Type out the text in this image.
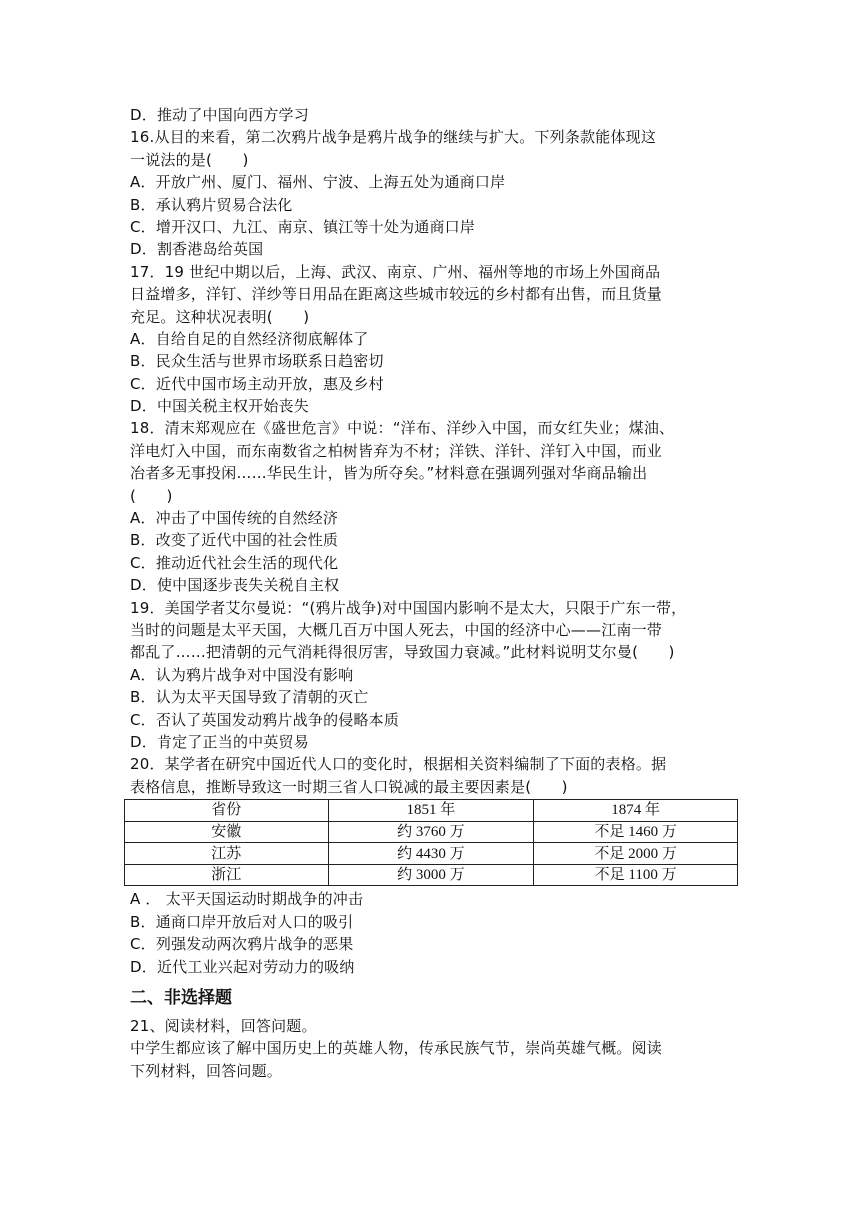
D．推动了中国向西方学习
16.从目的来看，第二次鸦片战争是鸦片战争的继续与扩大。下列条款能体现这
一说法的是(　　)
A．开放广州、厦门、福州、宁波、上海五处为通商口岸
B．承认鸦片贸易合法化
C．增开汉口、九江、南京、镇江等十处为通商口岸
D．割香港岛给英国
17．19 世纪中期以后，上海、武汉、南京、广州、福州等地的市场上外国商品
日益增多，洋钉、洋纱等日用品在距离这些城市较远的乡村都有出售，而且货量
充足。这种状况表明(　　)
A．自给自足的自然经济彻底解体了
B．民众生活与世界市场联系日趋密切
C．近代中国市场主动开放，惠及乡村
D．中国关税主权开始丧失
18．清末郑观应在《盛世危言》中说：“洋布、洋纱入中国，而女红失业；煤油、
洋电灯入中国，而东南数省之柏树皆弃为不材；洋铁、洋针、洋钉入中国，而业
冶者多无事投闲……华民生计，皆为所夺矣。”材料意在强调列强对华商品输出
(　　)
A．冲击了中国传统的自然经济
B．改变了近代中国的社会性质
C．推动近代社会生活的现代化
D．使中国逐步丧失关税自主权
19．美国学者艾尔曼说：“(鸦片战争)对中国国内影响不是太大，只限于广东一带，
当时的问题是太平天国，大概几百万中国人死去，中国的经济中心——江南一带
都乱了……把清朝的元气消耗得很厉害，导致国力衰减。”此材料说明艾尔曼(　　)
A．认为鸦片战争对中国没有影响
B．认为太平天国导致了清朝的灭亡
C．否认了英国发动鸦片战争的侵略本质
D．肯定了正当的中英贸易
20．某学者在研究中国近代人口的变化时，根据相关资料编制了下面的表格。据
表格信息，推断导致这一时期三省人口锐减的最主要因素是(　　)
省份	1851 年	1874 年
安徽	约 3760 万	不足 1460 万
江苏	约 4430 万	不足 2000 万
浙江	约 3000 万	不足 1100 万
A ． 太平天国运动时期战争的冲击
B．通商口岸开放后对人口的吸引
C．列强发动两次鸦片战争的恶果
D．近代工业兴起对劳动力的吸纳
二、非选择题
21、阅读材料，回答问题。
中学生都应该了解中国历史上的英雄人物，传承民族气节，崇尚英雄气概。阅读
下列材料，回答问题。
